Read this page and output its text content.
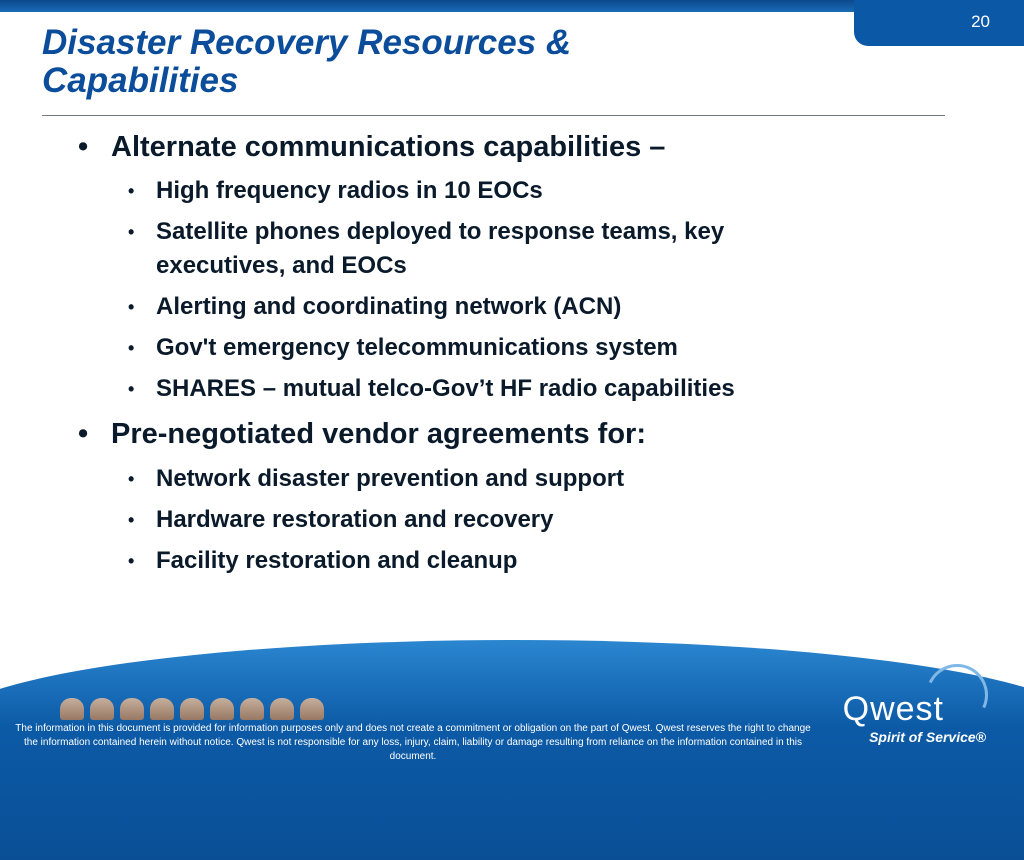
20
Disaster Recovery Resources &
Capabilities
• Alternate communications capabilities –
• High frequency radios in 10 EOCs
• Satellite phones deployed to response teams, key executives, and EOCs
• Alerting and coordinating network (ACN)
• Gov't emergency telecommunications system
• SHARES – mutual telco-Gov’t HF radio capabilities
• Pre-negotiated vendor agreements for:
• Network disaster prevention and support
• Hardware restoration and recovery
• Facility restoration and cleanup
Qwest
Spirit of Service®
The information in this document is provided for information purposes only and does not create a commitment or obligation on the part of Qwest. Qwest reserves the right to change the information contained herein without notice. Qwest is not responsible for any loss, injury, claim, liability or damage resulting from reliance on the information contained in this document.
